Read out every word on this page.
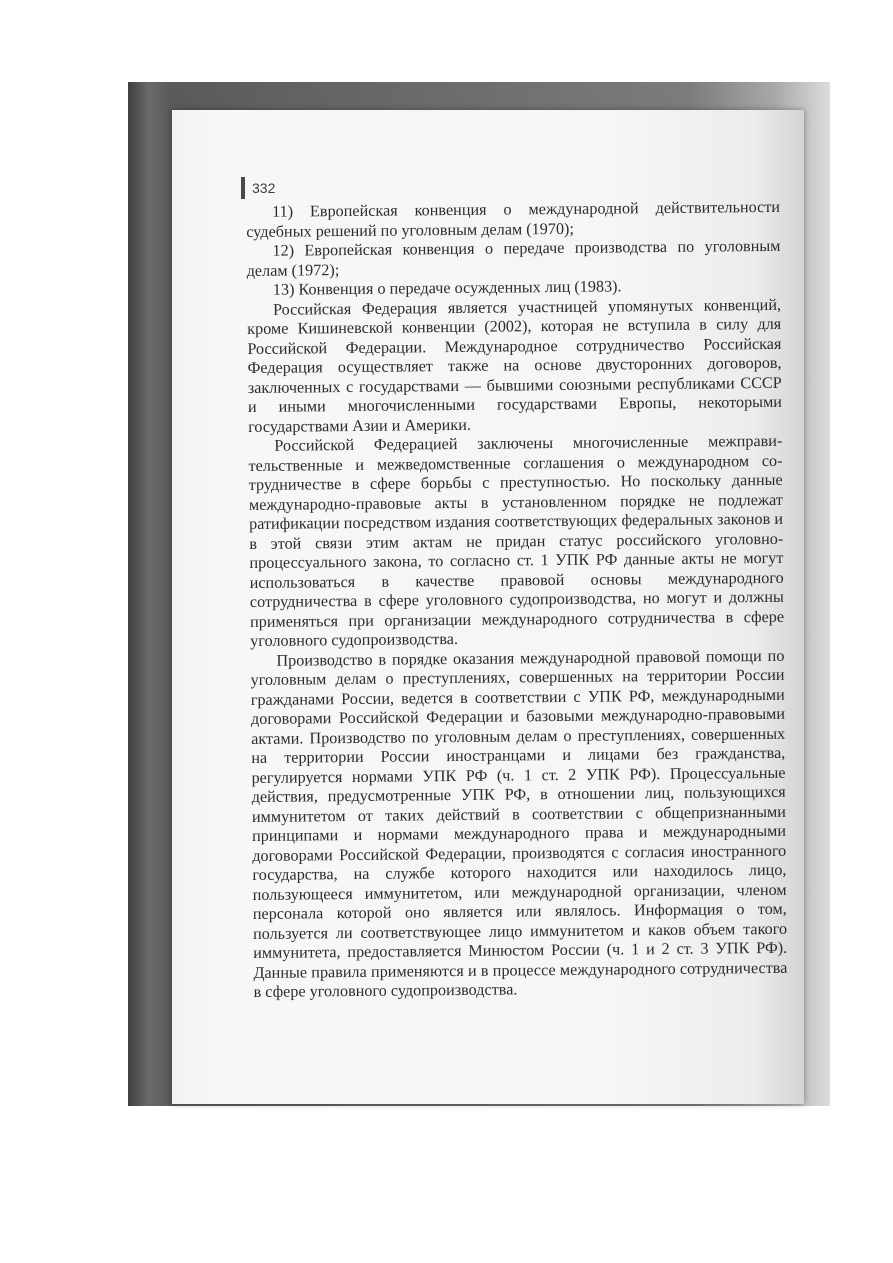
332

11) Европейская конвенция о международной действительности судебных решений по уголовным делам (1970);

12) Европейская конвенция о передаче производства по уголовным делам (1972);

13) Конвенция о передаче осужденных лиц (1983).

Российская Федерация является участницей упомянутых конвенций, кроме Кишиневской конвенции (2002), которая не вступила в силу для Российской Федерации. Международное сотрудничество Российская Федерация осуществляет также на основе двусторонних договоров, заключенных с государствами — бывшими союзными республиками СССР и иными многочисленными государствами Европы, некоторыми государствами Азии и Америки.

Российской Федерацией заключены многочисленные межправительственные и межведомственные соглашения о международном сотрудничестве в сфере борьбы с преступностью. Но поскольку данные международно-правовые акты в установленном порядке не подлежат ратификации посредством издания соответствующих федеральных законов и в этой связи этим актам не придан статус российского уголовно-процессуального закона, то согласно ст. 1 УПК РФ данные акты не могут использоваться в качестве правовой основы международного сотрудничества в сфере уголовного судопроизводства, но могут и должны применяться при организации международного сотрудничества в сфере уголовного судопроизводства.

Производство в порядке оказания международной правовой помощи по уголовным делам о преступлениях, совершенных на территории России гражданами России, ведется в соответствии с УПК РФ, международными договорами Российской Федерации и базовыми международно-правовыми актами. Производство по уголовным делам о преступлениях, совершенных на территории России иностранцами и лицами без гражданства, регулируется нормами УПК РФ (ч. 1 ст. 2 УПК РФ). Процессуальные действия, предусмотренные УПК РФ, в отношении лиц, пользующихся иммунитетом от таких действий в соответствии с общепризнанными принципами и нормами международного права и международными договорами Российской Федерации, производятся с согласия иностранного государства, на службе которого находится или находилось лицо, пользующееся иммунитетом, или международной организации, членом персонала которой оно является или являлось. Информация о том, пользуется ли соответствующее лицо иммунитетом и каков объем такого иммунитета, предоставляется Минюстом России (ч. 1 и 2 ст. 3 УПК РФ). Данные правила применяются и в процессе международного сотрудничества в сфере уголовного судопроизводства.
